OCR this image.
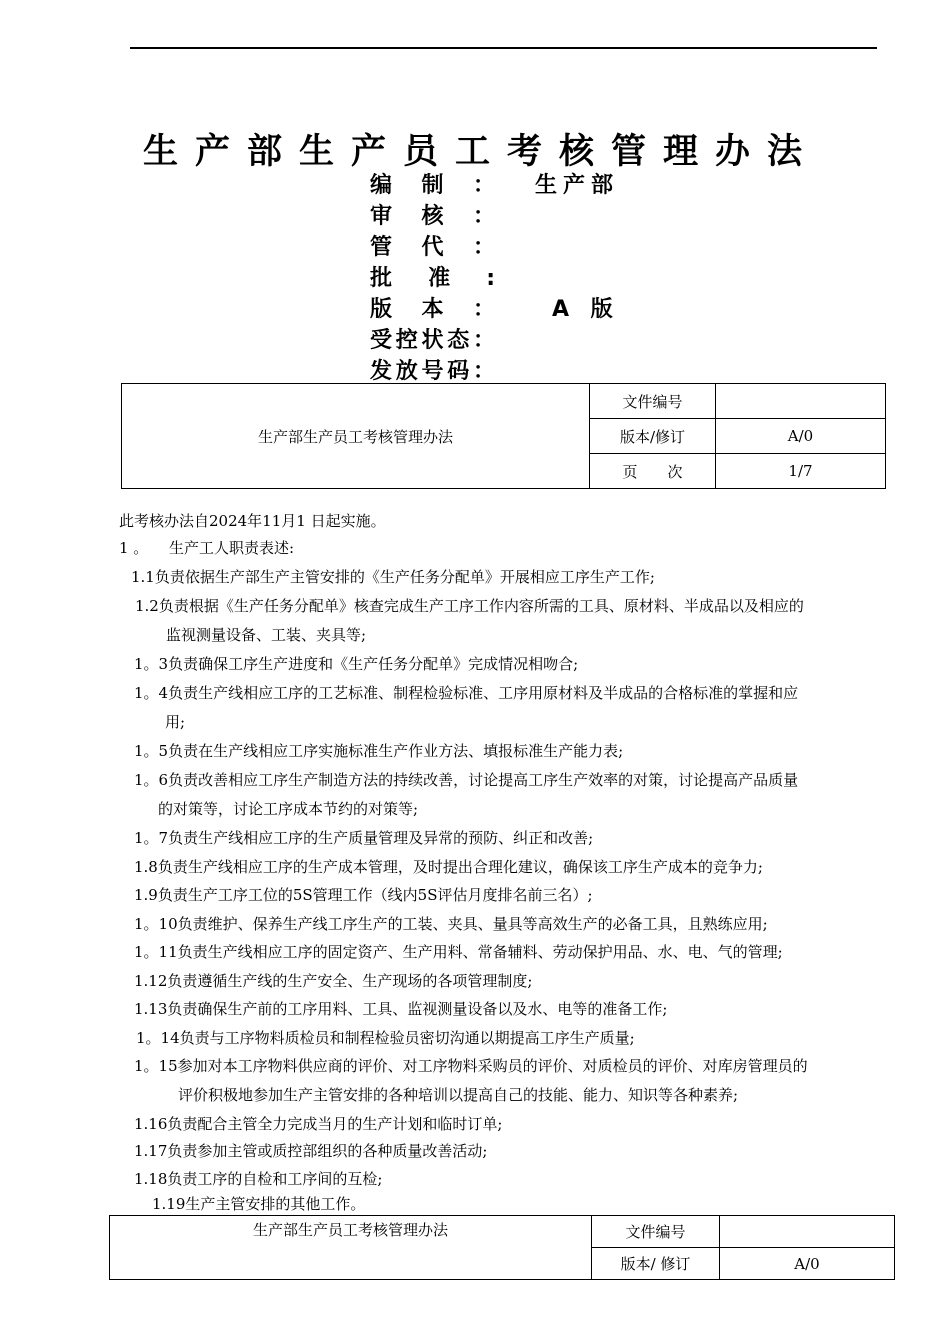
生产部生产员工考核管理办法
编 制 ： 生产部
审 核 ：
管 代 ：
批 准 :
版 本 ：	A 版
受 控 状 态 ：
发 放 号 码 ：
生产部生产员工考核管理办法	文件编号	
	版本/修订	A/0
	页　　次	1/7
此考核办法自2024年11月1 日起实施。
1 。 生产工人职责表述:
1.1负责依据生产部生产主管安排的《生产任务分配单》开展相应工序生产工作;
1.2负责根据《生产任务分配单》核查完成生产工序工作内容所需的工具、原材料、半成品以及相应的
监视测量设备、工装、夹具等;
1。3负责确保工序生产进度和《生产任务分配单》完成情况相吻合;
1。4负责生产线相应工序的工艺标准、制程检验标准、工序用原材料及半成品的合格标准的掌握和应
用;
1。5负责在生产线相应工序实施标准生产作业方法、填报标准生产能力表;
1。6负责改善相应工序生产制造方法的持续改善，讨论提高工序生产效率的对策，讨论提高产品质量
的对策等，讨论工序成本节约的对策等;
1。7负责生产线相应工序的生产质量管理及异常的预防、纠正和改善;
1.8负责生产线相应工序的生产成本管理，及时提出合理化建议，确保该工序生产成本的竞争力;
1.9负责生产工序工位的5S管理工作（线内5S评估月度排名前三名）;
1。10负责维护、保养生产线工序生产的工装、夹具、量具等高效生产的必备工具，且熟练应用;
1。11负责生产线相应工序的固定资产、生产用料、常备辅料、劳动保护用品、水、电、气的管理;
1.12负责遵循生产线的生产安全、生产现场的各项管理制度;
1.13负责确保生产前的工序用料、工具、监视测量设备以及水、电等的准备工作;
1。14负责与工序物料质检员和制程检验员密切沟通以期提高工序生产质量;
1。15参加对本工序物料供应商的评价、对工序物料采购员的评价、对质检员的评价、对库房管理员的
评价积极地参加生产主管安排的各种培训以提高自己的技能、能力、知识等各种素养;
1.16负责配合主管全力完成当月的生产计划和临时订单;
1.17负责参加主管或质控部组织的各种质量改善活动;
1.18负责工序的自检和工序间的互检;
1.19生产主管安排的其他工作。
生产部生产员工考核管理办法	文件编号	
	版本/ 修订	A/0
